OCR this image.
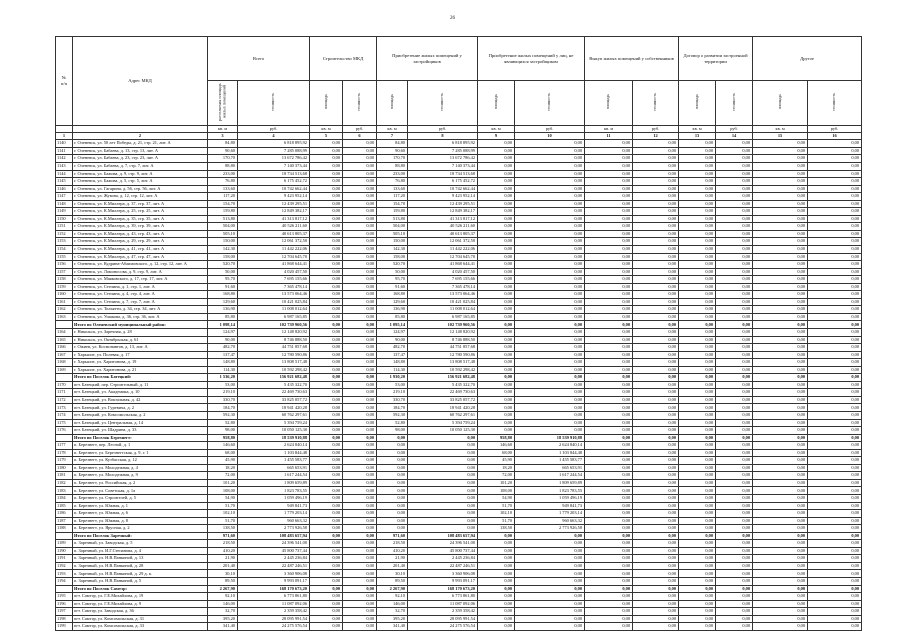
26
№
п/п	Адрес МКД	Всего		Строительство МКД		Приобретение жилых помещений у застройщиков		Приобретение жилых помещений у лиц, не являющихся застройщиком		Выкуп жилых помещений у собственников		Договор о развитии застроенной территории		Другое	
		расселяемая площадь жилых помещений	стоимость	площадь	стоимость	площадь	стоимость	площадь	стоимость	площадь	стоимость	площадь	стоимость	площадь	стоимость
		кв. м	руб.	кв. м	руб.	кв. м	руб.	кв. м	руб.	кв. м	руб.	кв. м	руб.	кв. м	руб.
1	2	3	4	5	6	7	8	9	10	11	12	13	14	15	16
1140	г. Оленевск, ул. 50 лет Победы, д. 21, стр. 21, лит. А	84,80	6 818 895,92	0,00	0,00	84,80	6 818 895,92	0,00	0,00	0,00	0,00	0,00	0,00	0,00	0,00
1141	г. Оленевск, ул. Бабаева, д. 13, стр. 13, лит. А	90,60	7 285 088,99	0,00	0,00	90,60	7 285 088,99	0,00	0,00	0,00	0,00	0,00	0,00	0,00	0,00
1142	г. Оленевск, ул. Бабаева, д. 23, стр. 23, лит. А	170,70	13 672 786,42	0,00	0,00	170,70	13 672 786,42	0,00	0,00	0,00	0,00	0,00	0,00	0,00	0,00
1143	г. Оленевск, ул. Бабаева, д. 7, стр. 7, лит. А	88,80	7 140 373,44	0,00	0,00	88,80	7 140 373,44	0,00	0,00	0,00	0,00	0,00	0,00	0,00	0,00
1144	г. Оленевск, ул. Бажова, д. 9, стр. 9, лит. А	233,00	18 734 513,68	0,00	0,00	233,00	18 734 513,68	0,00	0,00	0,00	0,00	0,00	0,00	0,00	0,00
1145	г. Оленевск, ул. Бажова, д. 5, стр. 5, лит. А	76,80	6 175 452,72	0,00	0,00	76,80	6 175 452,72	0,00	0,00	0,00	0,00	0,00	0,00	0,00	0,00
1146	г. Оленевск, ул. Гагарина, д. 56, стр. 56, лит. А	133,60	10 742 662,44	0,00	0,00	133,60	10 742 662,44	0,00	0,00	0,00	0,00	0,00	0,00	0,00	0,00
1147	г. Оленевск, ул. Жукова, д. 12, стр. 12, лит. А	117,20	9 423 952,14	0,00	0,00	117,20	9 423 952,14	0,00	0,00	0,00	0,00	0,00	0,00	0,00	0,00
1148	г. Оленевск, ул. К.Миллера, д. 37, стр. 37, лит. А	154,70	12 439 295,51	0,00	0,00	154,70	12 439 295,51	0,00	0,00	0,00	0,00	0,00	0,00	0,00	0,00
1149	г. Оленевск, ул. К.Миллера, д. 25, стр. 25, лит. А	159,80	12 849 382,17	0,00	0,00	159,80	12 849 382,17	0,00	0,00	0,00	0,00	0,00	0,00	0,00	0,00
1150	г. Оленевск, ул. К.Миллера, д. 35, стр. 35, лит. А	513,80	41 313 817,12	0,00	0,00	513,80	41 313 817,12	0,00	0,00	0,00	0,00	0,00	0,00	0,00	0,00
1151	г. Оленевск, ул. К.Миллера, д. 39, стр. 39, лит. А	504,00	40 526 211,60	0,00	0,00	504,00	40 526 211,60	0,00	0,00	0,00	0,00	0,00	0,00	0,00	0,00
1152	г. Оленевск, ул. К.Миллера, д. 43, стр. 43, лит. А	505,10	40 613 805,37	0,00	0,00	505,10	40 613 805,37	0,00	0,00	0,00	0,00	0,00	0,00	0,00	0,00
1153	г. Оленевск, ул. К.Миллера, д. 29, стр. 29, лит. А	150,00	12 061 372,50	0,00	0,00	150,00	12 061 372,50	0,00	0,00	0,00	0,00	0,00	0,00	0,00	0,00
1154	г. Оленевск, ул. К.Миллера, д. 41, стр. 41, лит. А	142,30	11 442 222,06	0,00	0,00	142,30	11 442 222,06	0,00	0,00	0,00	0,00	0,00	0,00	0,00	0,00
1155	г. Оленевск, ул. К.Миллера, д. 47, стр. 47, лит. А	158,00	12 704 645,70	0,00	0,00	158,00	12 704 645,70	0,00	0,00	0,00	0,00	0,00	0,00	0,00	0,00
1156	г. Оленевск, ул. Кудрина-Абаимовского, д. 12, стр. 12, лит. А	520,70	41 868 644,41	0,00	0,00	520,70	41 868 644,41	0,00	0,00	0,00	0,00	0,00	0,00	0,00	0,00
1157	г. Оленевск, ул. Ломоносова, д. 9, стр. 9, лит. А	50,00	4 020 457,50	0,00	0,00	50,00	4 020 457,50	0,00	0,00	0,00	0,00	0,00	0,00	0,00	0,00
1158	г. Оленевск, ул. Маяковского, д. 17, стр. 17, лит. А	95,70	7 695 155,66	0,00	0,00	95,70	7 695 155,66	0,00	0,00	0,00	0,00	0,00	0,00	0,00	0,00
1159	г. Оленевск, ул. Степина, д. 1, стр. 1, лит. А	91,60	7 365 478,14	0,00	0,00	91,60	7 365 478,14	0,00	0,00	0,00	0,00	0,00	0,00	0,00	0,00
1160	г. Оленевск, ул. Степина, д. 4, стр. 4, лит. А	168,80	13 573 064,46	0,00	0,00	168,80	13 573 064,46	0,00	0,00	0,00	0,00	0,00	0,00	0,00	0,00
1161	г. Оленевск, ул. Степина, д. 7, стр. 7, лит. А	129,60	10 421 025,84	0,00	0,00	129,60	10 421 025,84	0,00	0,00	0,00	0,00	0,00	0,00	0,00	0,00
1162	г. Оленевск, ул. Тольятти, д. 34, стр. 34, лит. А	136,90	11 008 012,64	0,00	0,00	136,90	11 008 012,64	0,00	0,00	0,00	0,00	0,00	0,00	0,00	0,00
1163	г. Оленевск, ул. Ушакова, д. 36, стр. 36, лит. А	85,80	6 987 165,85	0,00	0,00	85,80	6 987 165,85	0,00	0,00	0,00	0,00	0,00	0,00	0,00	0,00
	Итого по Оленевский муниципальный район:	1 098,14	102 739 960,56	0,00	0,00	1 095,14	102 739 960,56	0,00	0,00	0,00	0,00	0,00	0,00	0,00	0,00
1164	г. Никольск, ул. Заречная, д. 28	124,97	12 148 820,92	0,00	0,00	124,97	12 148 820,92	0,00	0,00	0,00	0,00	0,00	0,00	0,00	0,00
1165	г. Никольск, ул. Октябрьская, д. 61	90,00	8 746 888,50	0,00	0,00	90,00	8 746 888,50	0,00	0,00	0,00	0,00	0,00	0,00	0,00	0,00
1166	г. Ожиев, ул. Космонавтов, д. 13, лит. А	482,70	44 751 857,68	0,00	0,00	482,70	44 751 857,68	0,00	0,00	0,00	0,00	0,00	0,00	0,00	0,00
1167	г. Харьялэт, ул. Полевая, д. 17	137,47	12 780 590,86	0,00	0,00	137,47	12 780 590,86	0,00	0,00	0,00	0,00	0,00	0,00	0,00	0,00
1168	г. Харьялэт, ул. Харитонова, д. 19	148,80	13 808 517,48	0,00	0,00	148,80	13 808 517,48	0,00	0,00	0,00	0,00	0,00	0,00	0,00	0,00
1169	г. Харьялэт, ул. Харитонова, д. 21	114,30	10 592 298,42	0,00	0,00	114,30	10 592 298,42	0,00	0,00	0,00	0,00	0,00	0,00	0,00	0,00
	Итого по Поселок Батецкий:	1 536,20	156 921 682,48	0,00	0,00	1 930,20	156 921 682,48	0,00	0,00	0,00	0,00	0,00	0,00	0,00	0,00
1170	пгт. Батецкий, пер. Строительный, д. 11	53,00	5 435 322,70	0,00	0,00	53,00	5 435 322,70	0,00	0,00	0,00	0,00	0,00	0,00	0,00	0,00
1171	пгт. Батецкий, ул. Академика, д. 10	219,10	22 469 730,63	0,00	0,00	219,10	22 469 730,63	0,00	0,00	0,00	0,00	0,00	0,00	0,00	0,00
1172	пгт. Батецкий, ул. Вокзальная, д. 42	330,70	33 825 057,72	0,00	0,00	330,70	33 825 057,72	0,00	0,00	0,00	0,00	0,00	0,00	0,00	0,00
1173	пгт. Батецкий, ул. Гуревича, д. 2	184,70	18 941 420,28	0,00	0,00	184,70	18 941 420,28	0,00	0,00	0,00	0,00	0,00	0,00	0,00	0,00
1174	пгт. Батецкий, ул. Комсомольская, д. 2	592,30	60 762 297,61	0,00	0,00	592,30	60 762 297,61	0,00	0,00	0,00	0,00	0,00	0,00	0,00	0,00
1175	пгт. Батецкий, ул. Центральная, д. 14	52,80	5 394 759,24	0,00	0,00	52,80	5 394 759,24	0,00	0,00	0,00	0,00	0,00	0,00	0,00	0,00
1176	пгт. Батецкий, ул. Шадрина, д. 33	98,00	10 050 125,30	0,00	0,00	98,00	10 050 125,30	0,00	0,00	0,00	0,00	0,00	0,00	0,00	0,00
	Итого по Поселок Березнегт:	958,80	18 539 910,88	0,00	0,00	0,00	0,00	958,80	18 539 910,88	0,00	0,00	0,00	0,00	0,00	0,00
1177	п. Березнегт, пер. Лесной, д. 1	146,60	2 624 840,14	0,00	0,00	0,00	0,00	146,60	2 624 840,14	0,00	0,00	0,00	0,00	0,00	0,00
1178	п. Березнегт, ул. Березнегтская, д. 9, г. 1	68,00	1 103 844,48	0,00	0,00	0,00	0,00	68,00	1 103 844,48	0,00	0,00	0,00	0,00	0,00	0,00
1179	п. Березнегт, ул. Кузбасская, д. 12	45,90	1 455 583,77	0,00	0,00	0,00	0,00	45,90	1 455 583,77	0,00	0,00	0,00	0,00	0,00	0,00
1180	п. Березнегт, ул. Молодежная, д. 4	18,20	665 653,91	0,00	0,00	0,00	0,00	18,20	665 653,91	0,00	0,00	0,00	0,00	0,00	0,00
1181	п. Березнегт, ул. Молодежная, д. 9	72,00	1 617 244,54	0,00	0,00	0,00	0,00	72,00	1 617 244,54	0,00	0,00	0,00	0,00	0,00	0,00
1182	п. Березнегт, ул. Российская, д. 2	101,20	1 809 659,89	0,00	0,00	0,00	0,00	101,20	1 809 659,89	0,00	0,00	0,00	0,00	0,00	0,00
1183	п. Березнегт, ул. Советская, д. 1а	108,00	1 823 783,55	0,00	0,00	0,00	0,00	108,00	1 823 783,55	0,00	0,00	0,00	0,00	0,00	0,00
1184	п. Березнегт, ул. Строителей, д. 5	54,90	1 059 496,19	0,00	0,00	0,00	0,00	54,90	1 059 496,19	0,00	0,00	0,00	0,00	0,00	0,00
1185	п. Березнегт, ул. Южная, д. 1	51,70	949 841,73	0,00	0,00	0,00	0,00	51,70	949 841,73	0,00	0,00	0,00	0,00	0,00	0,00
1186	п. Березнегт, ул. Южная, д. 6	102,10	1 779 203,14	0,00	0,00	0,00	0,00	102,10	1 779 203,14	0,00	0,00	0,00	0,00	0,00	0,00
1187	п. Березнегт, ул. Южная, д. 8	51,70	960 663,32	0,00	0,00	0,00	0,00	51,70	960 663,32	0,00	0,00	0,00	0,00	0,00	0,00
1188	п. Березнегт, ул. Ярусная, д. 2	138,50	2 773 926,58	0,00	0,00	0,00	0,00	138,50	2 773 926,58	0,00	0,00	0,00	0,00	0,00	0,00
	Итого по Поселок Заречный:	971,60	108 483 657,94	0,00	0,00	971,60	108 483 657,94	0,00	0,00	0,00	0,00	0,00	0,00	0,00	0,00
1189	п. Заречный, ул. Заводская, д. 5	218,50	24 396 541,00	0,00	0,00	218,50	24 396 541,00	0,00	0,00	0,00	0,00	0,00	0,00	0,00	0,00
1190	п. Заречный, ул. И.Г.Степанова, д. 4	410,20	45 800 737,44	0,00	0,00	410,20	45 800 737,44	0,00	0,00	0,00	0,00	0,00	0,00	0,00	0,00
1191	п. Заречный, ул. Н.В.Панкиной, д. 13	21,90	2 445 236,84	0,00	0,00	21,90	2 445 236,84	0,00	0,00	0,00	0,00	0,00	0,00	0,00	0,00
1192	п. Заречный, ул. Н.В.Панкиной, д. 28	201,40	22 487 246,51	0,00	0,00	201,40	22 487 246,51	0,00	0,00	0,00	0,00	0,00	0,00	0,00	0,00
1193	п. Заречный, ул. Н.В.Панкиной, д. 29 д. к.	30,10	3 360 906,08	0,00	0,00	30,10	3 360 906,08	0,00	0,00	0,00	0,00	0,00	0,00	0,00	0,00
1194	п. Заречный, ул. Н.В.Панкиной, д. 5	89,50	9 993 091,17	0,00	0,00	89,50	9 993 091,17	0,00	0,00	0,00	0,00	0,00	0,00	0,00	0,00
	Итого по Поселок Самтэр:	2 267,90	168 170 673,20	0,00	0,00	2 267,90	168 170 673,20	0,00	0,00	0,00	0,00	0,00	0,00	0,00	0,00
1195	пгт. Самтэр, ул. Г.Е.Михайлова, д. 19	92,10	6 773 861,80	0,00	0,00	92,10	6 773 861,80	0,00	0,00	0,00	0,00	0,00	0,00	0,00	0,00
1196	пгт. Самтэр, ул. Г.Е.Михайлова, д. 9	146,00	11 087 092,06	0,00	0,00	146,00	11 087 092,06	0,00	0,00	0,00	0,00	0,00	0,00	0,00	0,00
1197	пгт. Самтэр, ул. Заводская, д. 36	32,70	2 359 358,42	0,00	0,00	32,70	2 359 358,42	0,00	0,00	0,00	0,00	0,00	0,00	0,00	0,00
1198	пгт. Самтэр, ул. Комсомольская, д. 31	395,20	28 095 991,54	0,00	0,00	395,20	28 095 991,54	0,00	0,00	0,00	0,00	0,00	0,00	0,00	0,00
1199	пгт. Самтэр, ул. Комсомольская, д. 33	341,40	24 275 576,54	0,00	0,00	341,40	24 275 576,54	0,00	0,00	0,00	0,00	0,00	0,00	0,00	0,00
